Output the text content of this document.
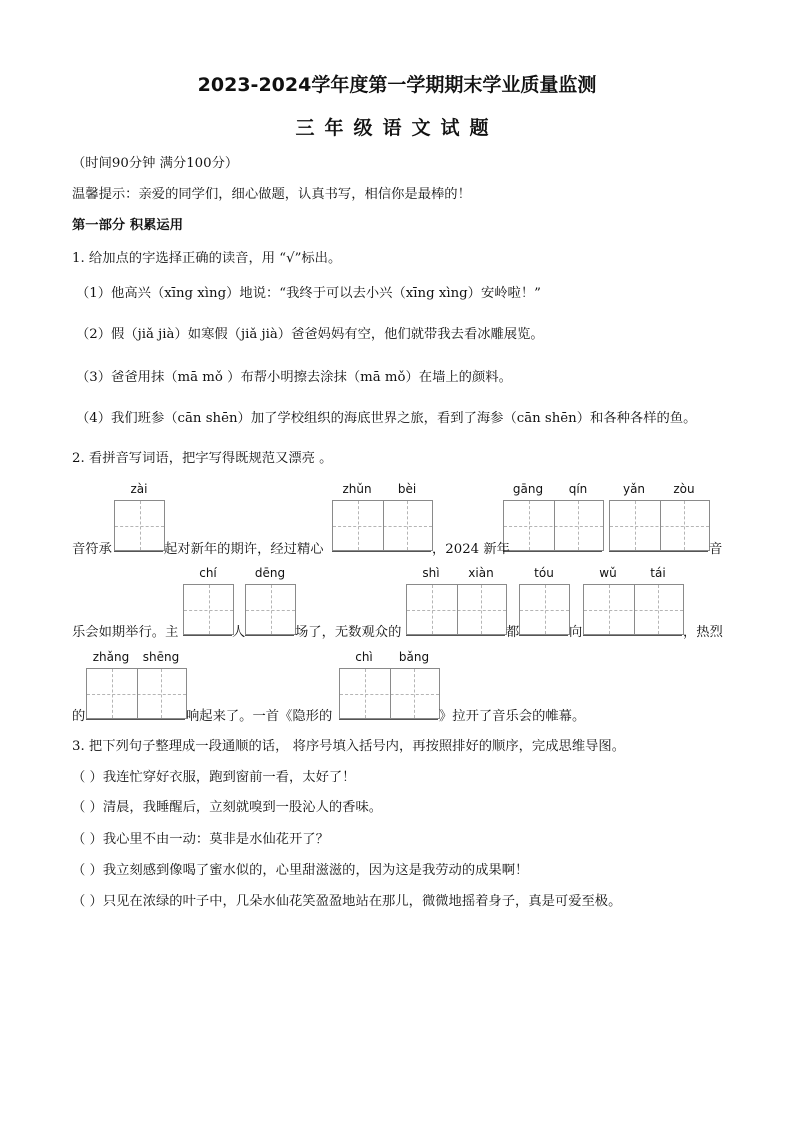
2023-2024学年度第一学期期末学业质量监测
三年级语文试题
（时间90分钟 满分100分）
温馨提示：亲爱的同学们，细心做题，认真书写，相信你是最棒的！
第一部分 积累运用
1. 给加点的字选择正确的读音，用 “√”标出。
（1）他高兴（xīng xìng）地说：“我终于可以去小兴（xīng xìng）安岭啦！”
（2）假（jiǎ jià）如寒假（jiǎ jià）爸爸妈妈有空，他们就带我去看冰雕展览。
（3）爸爸用抹（mā mǒ ）布帮小明擦去涂抹（mā mǒ）在墙上的颜料。
（4）我们班参（cān shēn）加了学校组织的海底世界之旅，看到了海参（cān shēn）和各种各样的鱼。
2. 看拼音写词语，把字写得既规范又漂亮 。
zài	zhǔn	bèi	gāng	qín	yǎn	zòu
音符承	起对新年的期许，经过精心	，2024 新年	音
chí	dēng	shì	xiàn	tóu	wǔ	tái
乐会如期举行。主	人	场了，无数观众的	都	向	，热烈
zhǎng	shēng	chì	bǎng
的	响起来了。一首《隐形的	》拉开了音乐会的帷幕。
3. 把下列句子整理成一段通顺的话， 将序号填入括号内，再按照排好的顺序，完成思维导图。
（ ）我连忙穿好衣服，跑到窗前一看，太好了！
（ ）清晨，我睡醒后，立刻就嗅到一股沁人的香味。
（ ）我心里不由一动：莫非是水仙花开了？
（ ）我立刻感到像喝了蜜水似的，心里甜滋滋的，因为这是我劳动的成果啊！
（ ）只见在浓绿的叶子中，几朵水仙花笑盈盈地站在那儿，微微地摇着身子，真是可爱至极。
